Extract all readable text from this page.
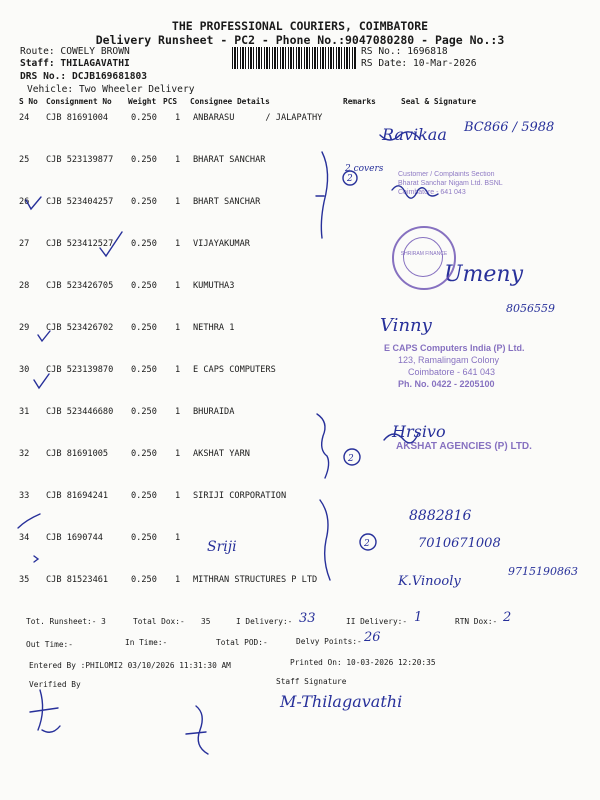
THE PROFESSIONAL COURIERS, COIMBATORE
Delivery Runsheet - PC2 - Phone No.:9047080280 - Page No.:3
Route: COWELY BROWN
Staff: THILAGAVATHI
DRS No.: DCJB169681803
Vehicle: Two Wheeler Delivery
RS No.: 1696818
RS Date: 10-Mar-2026
S No Consignment No Weight PCS Consignee Details	Remarks	Seal & Signature
24 CJB 81691004	0.250 1 ANBARASU      / JALAPATHY
25 CJB 523139877 0.250 1 BHARAT SANCHAR
26 CJB 523404257 0.250 1 BHART SANCHAR
27 CJB 523412527 0.250 1 VIJAYAKUMAR
28 CJB 523426705 0.250 1 KUMUTHA3
29 CJB 523426702 0.250 1 NETHRA 1
30 CJB 523139870 0.250 1 E CAPS COMPUTERS
31 CJB 523446680 0.250 1 BHURAIDA
32 CJB 81691005	0.250 1 AKSHAT YARN
33 CJB 81694241	0.250 1 SIRIJI CORPORATION
34 CJB 1690744	0.250 1
35 CJB 81523461	0.250 1 MITHRAN STRUCTURES P LTD
Tot. Runsheet:- 3	Total Dox:- 35	I Delivery:- 33	II Delivery:- 1	RTN Dox:- 2
Out Time:-	In Time:-	Total POD:-	Delvy Points:- 26
Entered By :PHILOMI2 03/10/2026 11:31:30 AM	Printed On: 10-03-2026 12:20:35
Verified By	Staff Signature
Ravikaa BC866 / 5988
2 covers
Umeny
Vinny
8056559
Hrsivo
Sriji
8882816
7010671008
K.Vinooly
9715190863
M-Thilagavathi
Customer / Complaints Section
Bharat Sanchar Nigam Ltd. BSNL
Coimbatore - 641 043
SHRIRAM FINANCE
E CAPS Computers India (P) Ltd.
123, Ramalingam Colony
Coimbatore - 641 043
Ph. No. 0422 - 2205100
AKSHAT AGENCIES (P) LTD.
2
2
2
